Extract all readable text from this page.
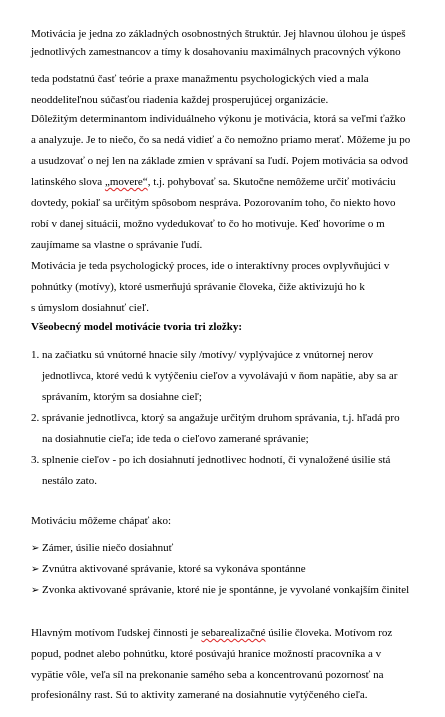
Motivácia je jedna zo základných osobnostných štruktúr. Jej hlavnou úlohou je úspeš
jednotlivých zamestnancov a tímy k dosahovaniu maximálnych pracovných výkono
teda podstatnú časť teórie a praxe manažmentu psychologických vied a mala
neoddeliteľnou súčasťou riadenia každej prosperujúcej organizácie.
Dôležitým determinantom individuálneho výkonu je motivácia, ktorá sa veľmi ťažko
a analyzuje. Je to niečo, čo sa nedá vidieť a čo nemožno priamo merať. Môžeme ju po
a usudzovať o nej len na základe zmien v správaní sa ľudí. Pojem motivácia sa odvod
latinského slova „movere“, t.j. pohybovať sa. Skutočne nemôžeme určiť motiváciu
dovtedy, pokiaľ sa určitým spôsobom nespráva. Pozorovaním toho, čo niekto hovo
robí v danej situácii, možno vydedukovať to čo ho motivuje. Keď hovoríme o m
zaujímame sa vlastne o správanie ľudí.
Motivácia je teda psychologický proces, ide o interaktívny proces ovplyvňujúci v
pohnútky (motívy), ktoré usmerňujú správanie človeka, čiže aktivizujú ho k
s úmyslom dosiahnuť cieľ.
Všeobecný model motivácie tvoria tri zložky:
1. na začiatku sú vnútorné hnacie sily /motívy/ vyplývajúce z vnútornej nerov
jednotlivca, ktoré vedú k vytýčeniu cieľov a vyvolávajú v ňom napätie, aby sa ar
správaním, ktorým sa dosiahne cieľ;
2. správanie jednotlivca, ktorý sa angažuje určitým druhom správania, t.j. hľadá pro
na dosiahnutie cieľa; ide teda o cieľovo zamerané správanie;
3. splnenie cieľov - po ich dosiahnutí jednotlivec hodnotí, či vynaložené úsilie stá
nestálo zato.
Motiváciu môžeme chápať ako:
➢ Zámer, úsilie niečo dosiahnuť
➢ Zvnútra aktivované správanie, ktoré sa vykonáva spontánne
➢ Zvonka aktivované správanie, ktoré nie je spontánne, je vyvolané vonkajším činitel
Hlavným motívom ľudskej činnosti je sebarealizačné úsilie človeka. Motívom roz
popud, podnet alebo pohnútku, ktoré posúvajú hranice možností pracovníka a v
vypätie vôle, veľa síl na prekonanie samého seba a koncentrovanú pozornosť na
profesionálny rast. Sú to aktivity zamerané na dosiahnutie vytýčeného cieľa.
